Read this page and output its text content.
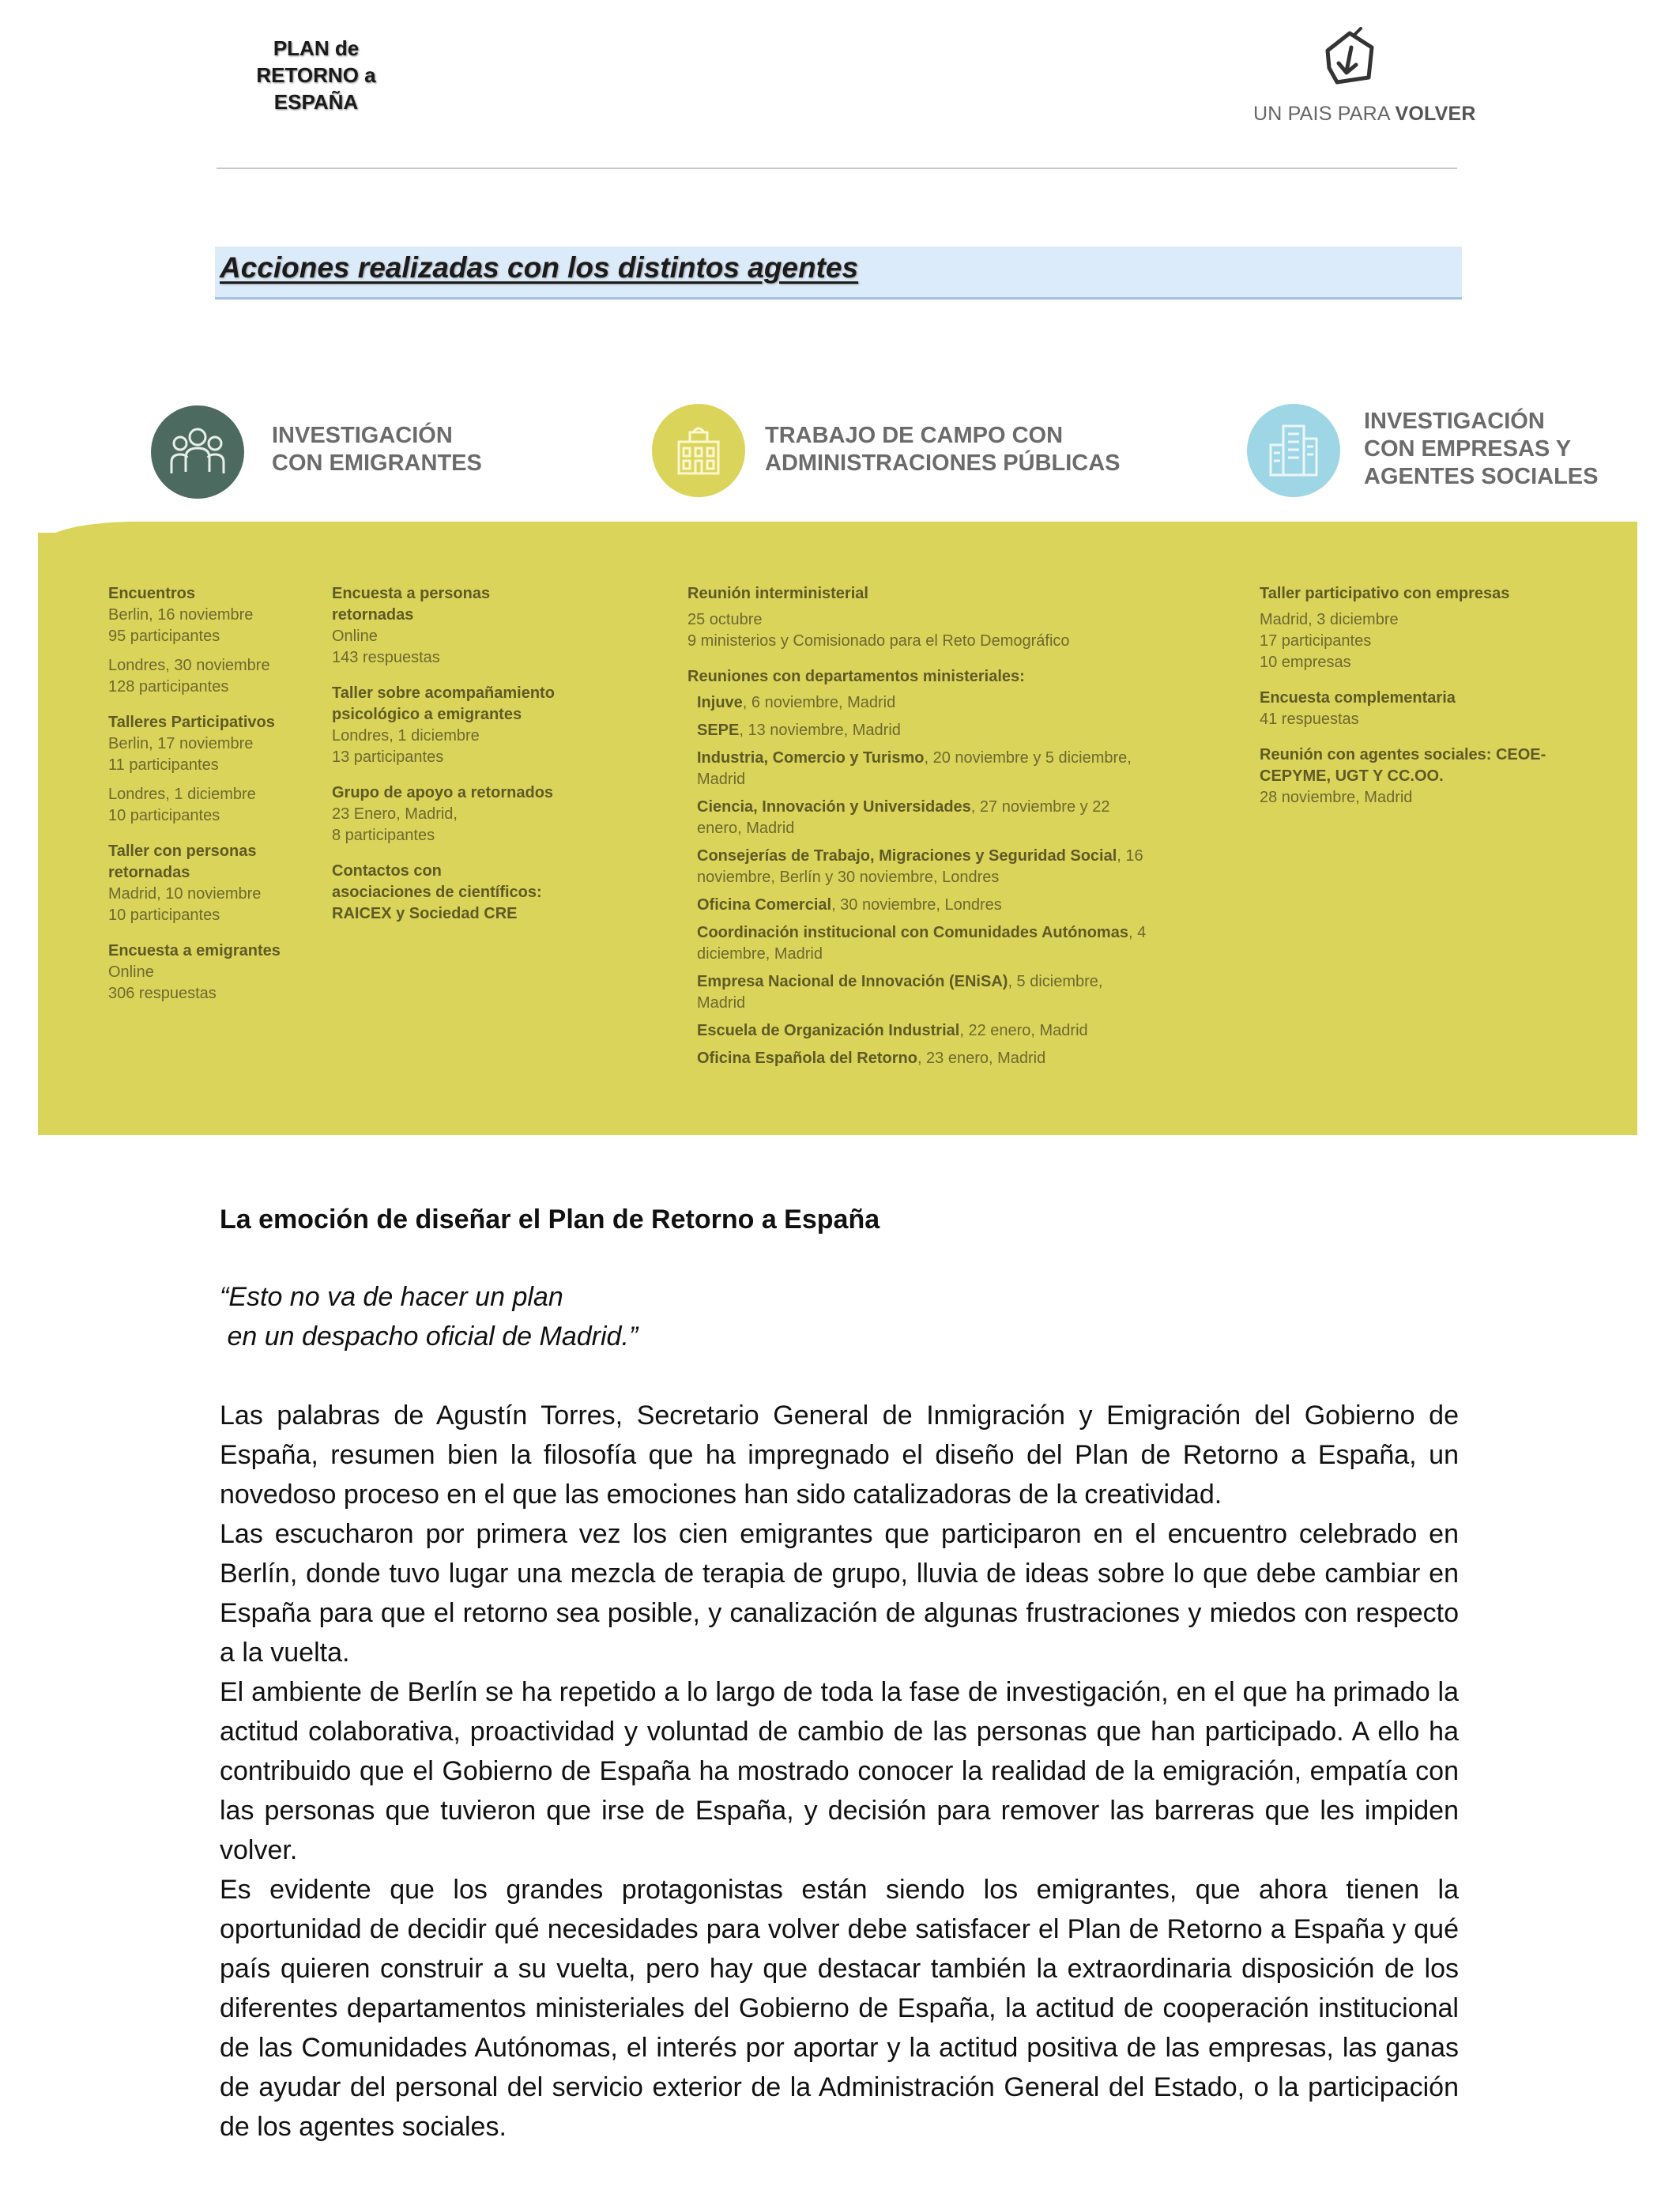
PLAN de
RETORNO a
ESPAÑA	UN PAIS PARA VOLVER
Acciones realizadas con los distintos agentes
INVESTIGACIÓN
CON EMIGRANTES
TRABAJO DE CAMPO CON
ADMINISTRACIONES PÚBLICAS
INVESTIGACIÓN
CON EMPRESAS Y
AGENTES SOCIALES

Encuentros

Berlin, 16 noviembre

95 participantes

Londres, 30 noviembre

128 participantes

Talleres Participativos

Berlin, 17 noviembre

11 participantes

Londres, 1 diciembre

10 participantes

Taller con personas retornadas

Madrid, 10 noviembre

10 participantes

Encuesta a emigrantes

Online

306 respuestas

Encuesta a personas retornadas

Online

143 respuestas

Taller sobre acompañamiento psicológico a emigrantes

Londres, 1 diciembre

13 participantes

Grupo de apoyo a retornados

23 Enero, Madrid,

8 participantes

Contactos con asociaciones de científicos: RAICEX y Sociedad CRE

Reunión interministerial

25 octubre

9 ministerios y Comisionado para el Reto Demográfico

Reuniones con departamentos ministeriales:

Injuve, 6 noviembre, Madrid

SEPE, 13 noviembre, Madrid

Industria, Comercio y Turismo, 20 noviembre y 5 diciembre, Madrid

Ciencia, Innovación y Universidades, 27 noviembre y 22 enero, Madrid

Consejerías de Trabajo, Migraciones y Seguridad Social, 16 noviembre, Berlín y 30 noviembre, Londres

Oficina Comercial, 30 noviembre, Londres

Coordinación institucional con Comunidades Autónomas, 4 diciembre, Madrid

Empresa Nacional de Innovación (ENiSA), 5 diciembre, Madrid

Escuela de Organización Industrial, 22 enero, Madrid

Oficina Española del Retorno, 23 enero, Madrid

Taller participativo con empresas

Madrid, 3 diciembre

17 participantes

10 empresas

Encuesta complementaria

41 respuestas

Reunión con agentes sociales: CEOE-CEPYME, UGT Y CC.OO.

28 noviembre, Madrid

La emoción de diseñar el Plan de Retorno a España

“Esto no va de hacer un plan

en un despacho oficial de Madrid.”

Las palabras de Agustín Torres, Secretario General de Inmigración y Emigración del Gobierno de España, resumen bien la filosofía que ha impregnado el diseño del Plan de Retorno a España, un novedoso proceso en el que las emociones han sido catalizadoras de la creatividad.

Las escucharon por primera vez los cien emigrantes que participaron en el encuentro celebrado en Berlín, donde tuvo lugar una mezcla de terapia de grupo, lluvia de ideas sobre lo que debe cambiar en España para que el retorno sea posible, y canalización de algunas frustraciones y miedos con respecto a la vuelta.

El ambiente de Berlín se ha repetido a lo largo de toda la fase de investigación, en el que ha primado la actitud colaborativa, proactividad y voluntad de cambio de las personas que han participado. A ello ha contribuido que el Gobierno de España ha mostrado conocer la realidad de la emigración, empatía con las personas que tuvieron que irse de España, y decisión para remover las barreras que les impiden volver.

Es evidente que los grandes protagonistas están siendo los emigrantes, que ahora tienen la oportunidad de decidir qué necesidades para volver debe satisfacer el Plan de Retorno a España y qué país quieren construir a su vuelta, pero hay que destacar también la extraordinaria disposición de los diferentes departamentos ministeriales del Gobierno de España, la actitud de cooperación institucional de las Comunidades Autónomas, el interés por aportar y la actitud positiva de las empresas, las ganas de ayudar del personal del servicio exterior de la Administración General del Estado, o la participación de los agentes sociales.
